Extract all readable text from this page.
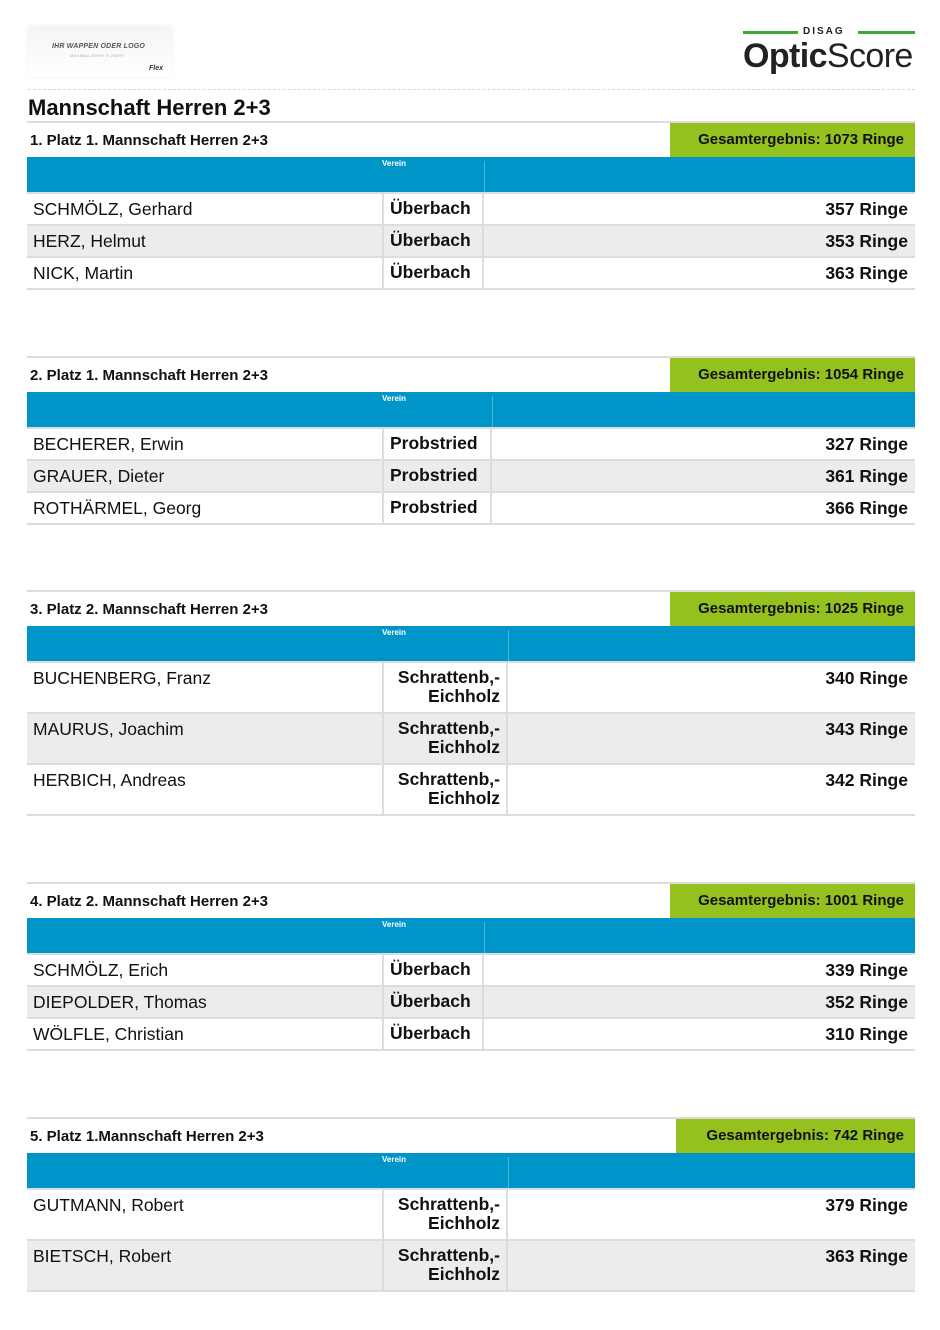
IHR WAPPEN ODER LOGO
MAXIMAL 800PX X 200PX
Flex
DISAG
OpticScore
Mannschaft Herren 2+3
1. Platz 1. Mannschaft Herren 2+3	Gesamtergebnis: 1073 Ringe
Verein
SCHMÖLZ, Gerhard	Überbach	357 Ringe
HERZ, Helmut	Überbach	353 Ringe
NICK, Martin	Überbach	363 Ringe
2. Platz 1. Mannschaft Herren 2+3	Gesamtergebnis: 1054 Ringe
Verein
BECHERER, Erwin	Probstried	327 Ringe
GRAUER, Dieter	Probstried	361 Ringe
ROTHÄRMEL, Georg	Probstried	366 Ringe
3. Platz 2. Mannschaft Herren 2+3	Gesamtergebnis: 1025 Ringe
Verein
BUCHENBERG, Franz	Schrattenb,-
Eichholz
340 Ringe
MAURUS, Joachim	Schrattenb,-
Eichholz
343 Ringe
HERBICH, Andreas	Schrattenb,-
Eichholz
342 Ringe
4. Platz 2. Mannschaft Herren 2+3	Gesamtergebnis: 1001 Ringe
Verein
SCHMÖLZ, Erich	Überbach	339 Ringe
DIEPOLDER, Thomas	Überbach	352 Ringe
WÖLFLE, Christian	Überbach	310 Ringe
5. Platz 1.Mannschaft Herren 2+3	Gesamtergebnis: 742 Ringe
Verein
GUTMANN, Robert	Schrattenb,-
Eichholz
379 Ringe
BIETSCH, Robert	Schrattenb,-
Eichholz
363 Ringe
